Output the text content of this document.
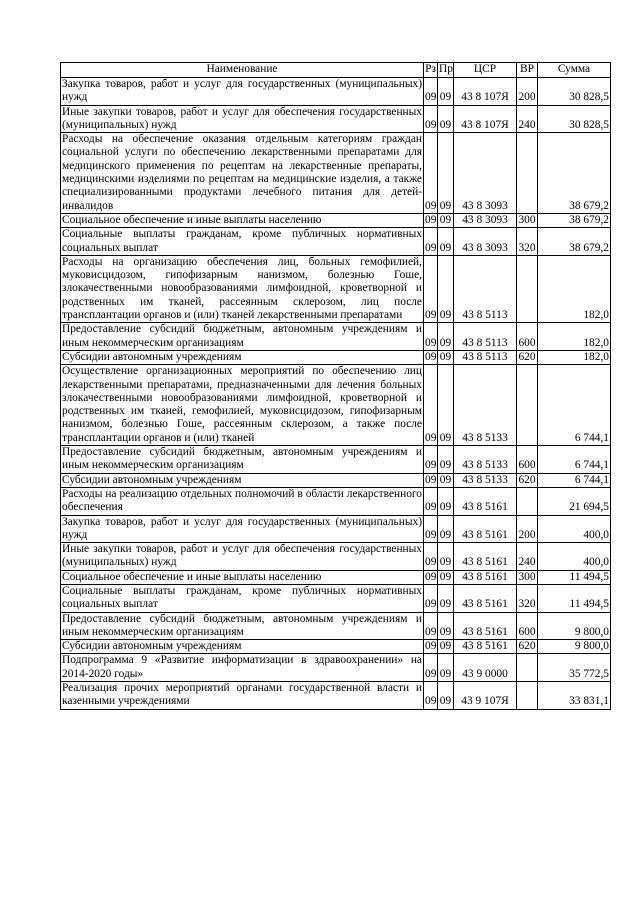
Наименование	Рз	Пр	ЦСР	ВР	Сумма
Закупка товаров, работ и услуг для государственных (муниципальных) нужд	09	09	43 8 107Я	200	30 828,5
Иные закупки товаров, работ и услуг для обеспечения государственных (муниципальных) нужд	09	09	43 8 107Я	240	30 828,5
Расходы на обеспечение оказания отдельным категориям граждан социальной услуги по обеспечению лекарственными препаратами для медицинского применения по рецептам на лекарственные препараты, медицинскими изделиями по рецептам на медицинские изделия, а также специализированными продуктами лечебного питания для детей-инвалидов	09	09	43 8 3093		38 679,2
Социальное обеспечение и иные выплаты населению	09	09	43 8 3093	300	38 679,2
Социальные выплаты гражданам, кроме публичных нормативных социальных выплат	09	09	43 8 3093	320	38 679,2
Расходы на организацию обеспечения лиц, больных гемофилией, муковисцидозом, гипофизарным нанизмом, болезнью Гоше, злокачественными новообразованиями лимфоидной, кроветворной и родственных им тканей, рассеянным склерозом, лиц после трансплантации органов и (или) тканей лекарственными препаратами	09	09	43 8 5113		182,0
Предоставление субсидий бюджетным, автономным учреждениям и иным некоммерческим организациям	09	09	43 8 5113	600	182,0
Субсидии автономным учреждениям	09	09	43 8 5113	620	182,0
Осуществление организационных мероприятий по обеспечению лиц лекарственными препаратами, предназначенными для лечения больных злокачественными новообразованиями лимфоидной, кроветворной и родственных им тканей, гемофилией, муковисцидозом, гипофизарным нанизмом, болезнью Гоше, рассеянным склерозом, а также после трансплантации органов и (или) тканей	09	09	43 8 5133		6 744,1
Предоставление субсидий бюджетным, автономным учреждениям и иным некоммерческим организациям	09	09	43 8 5133	600	6 744,1
Субсидии автономным учреждениям	09	09	43 8 5133	620	6 744,1
Расходы на реализацию отдельных полномочий в области лекарственного обеспечения	09	09	43 8 5161		21 694,5
Закупка товаров, работ и услуг для государственных (муниципальных) нужд	09	09	43 8 5161	200	400,0
Иные закупки товаров, работ и услуг для обеспечения государственных (муниципальных) нужд	09	09	43 8 5161	240	400,0
Социальное обеспечение и иные выплаты населению	09	09	43 8 5161	300	11 494,5
Социальные выплаты гражданам, кроме публичных нормативных социальных выплат	09	09	43 8 5161	320	11 494,5
Предоставление субсидий бюджетным, автономным учреждениям и иным некоммерческим организациям	09	09	43 8 5161	600	9 800,0
Субсидии автономным учреждениям	09	09	43 8 5161	620	9 800,0
Подпрограмма 9 «Развитие информатизации в здравоохранении» на 2014-2020 годы»	09	09	43 9 0000		35 772,5
Реализация прочих мероприятий органами государственной власти и казенными учреждениями	09	09	43 9 107Я		33 831,1
